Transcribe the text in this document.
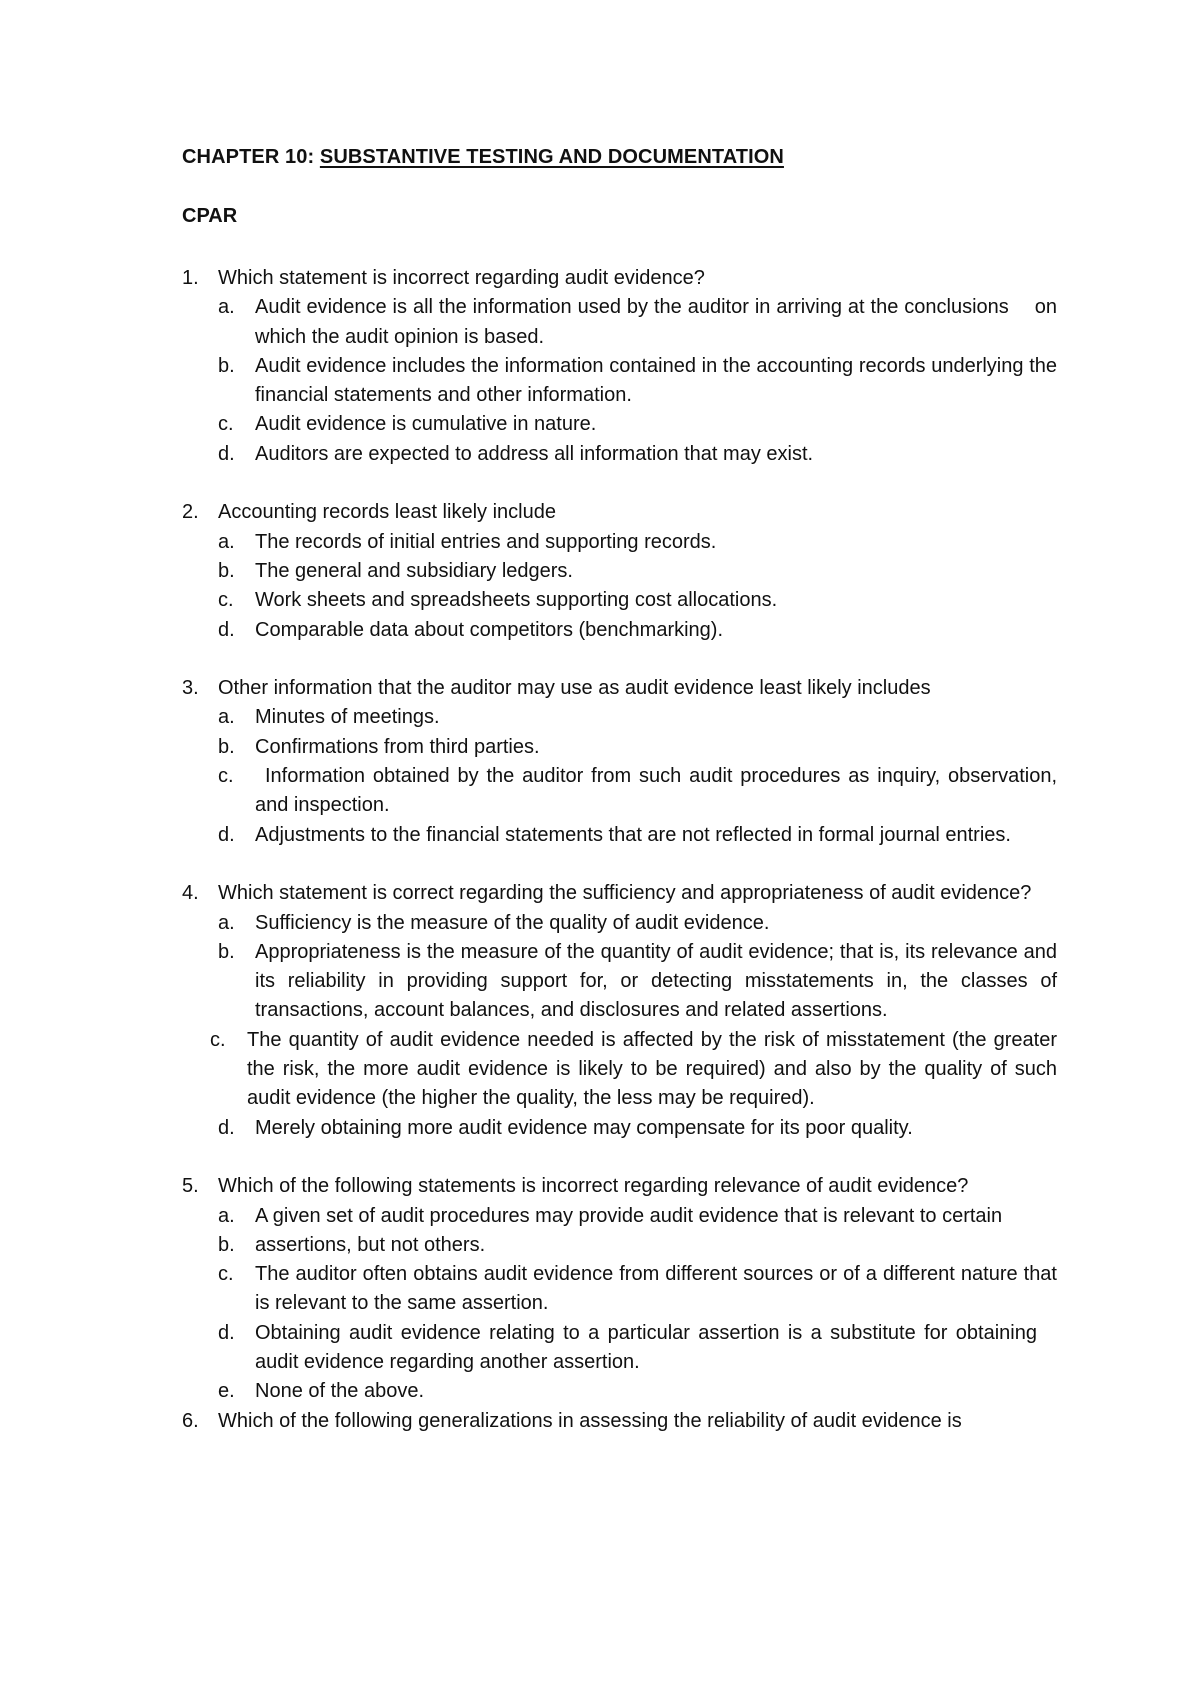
CHAPTER 10: SUBSTANTIVE TESTING AND DOCUMENTATION
CPAR
1. Which statement is incorrect regarding audit evidence?
a. Audit evidence is all the information used by the auditor in arriving at the conclusions  on which the audit opinion is based.
b. Audit evidence includes the information contained in the accounting records underlying the financial statements and other information.
c. Audit evidence is cumulative in nature.
d. Auditors are expected to address all information that may exist.
2. Accounting records least likely include
a. The records of initial entries and supporting records.
b. The general and subsidiary ledgers.
c. Work sheets and spreadsheets supporting cost allocations.
d. Comparable data about competitors (benchmarking).
3. Other information that the auditor may use as audit evidence least likely includes
a. Minutes of meetings.
b. Confirmations from third parties.
c.  Information obtained by the auditor from such audit procedures as inquiry, observation, and inspection.
d. Adjustments to the financial statements that are not reflected in formal journal entries.
4. Which statement is correct regarding the sufficiency and appropriateness of audit evidence?
a. Sufficiency is the measure of the quality of audit evidence.
b. Appropriateness is the measure of the quantity of audit evidence; that is, its relevance and its reliability in providing support for, or detecting misstatements in, the classes of transactions, account balances, and disclosures and related assertions.
c. The quantity of audit evidence needed is affected by the risk of misstatement (the greater the risk, the more audit evidence is likely to be required) and also by the quality of such audit evidence (the higher the quality, the less may be required).
d. Merely obtaining more audit evidence may compensate for its poor quality.
5. Which of the following statements is incorrect regarding relevance of audit evidence?
a. A given set of audit procedures may provide audit evidence that is relevant to certain
b. assertions, but not others.
c. The auditor often obtains audit evidence from different sources or of a different nature that is relevant to the same assertion.
d. Obtaining audit evidence relating to a particular assertion is a substitute for obtaining  audit evidence regarding another assertion.
e. None of the above.
6. Which of the following generalizations in assessing the reliability of audit evidence is
